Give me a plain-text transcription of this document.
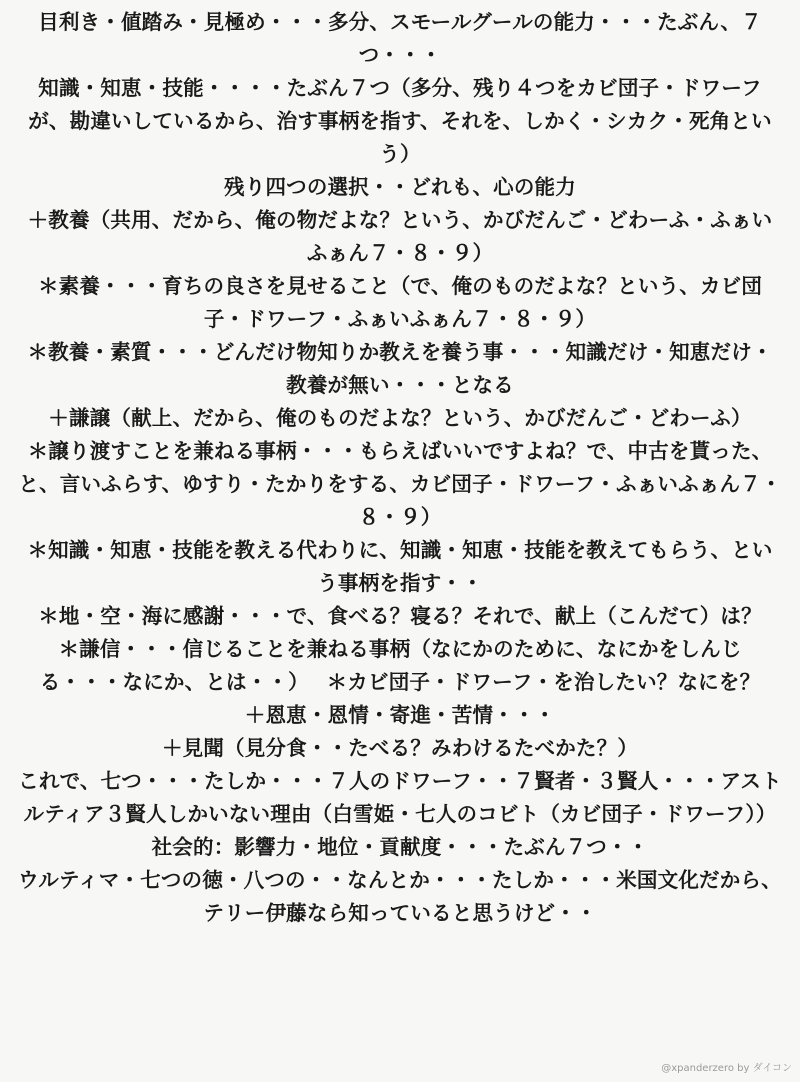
目利き・値踏み・見極め・・・多分、スモールグールの能力・・・たぶん、７つ・・・

知識・知恵・技能・・・・たぶん７つ（多分、残り４つをカビ団子・ドワーフが、勘違いしているから、治す事柄を指す、それを、しかく・シカク・死角という）

残り四つの選択・・どれも、心の能力

＋教養（共用、だから、俺の物だよな？という、かびだんご・どわーふ・ふぁいふぁん７・８・９）

＊素養・・・育ちの良さを見せること（で、俺のものだよな？という、カビ団子・ドワーフ・ふぁいふぁん７・８・９）

＊教養・素質・・・どんだけ物知りか教えを養う事・・・知識だけ・知恵だけ・教養が無い・・・となる

＋謙譲（献上、だから、俺のものだよな？という、かびだんご・どわーふ）

＊譲り渡すことを兼ねる事柄・・・もらえばいいですよね？で、中古を貰った、と、言いふらす、ゆすり・たかりをする、カビ団子・ドワーフ・ふぁいふぁん７・８・９）

＊知識・知恵・技能を教える代わりに、知識・知恵・技能を教えてもらう、という事柄を指す・・

＊地・空・海に感謝・・・で、食べる？寝る？それで、献上（こんだて）は？

＊謙信・・・信じることを兼ねる事柄（なにかのために、なにかをしんじる・・・なにか、とは・・）　 ＊カビ団子・ドワーフ・を治したい？なにを？

＋恩恵・恩情・寄進・苦情・・・

＋見聞（見分食・・たべる？みわけるたべかた？）

これで、七つ・・・たしか・・・７人のドワーフ・・７賢者・３賢人・・・アストルティア３賢人しかいない理由（白雪姫・七人のコビト（カビ団子・ドワーフ））

社会的：影響力・地位・貢献度・・・たぶん７つ・・

ウルティマ・七つの徳・八つの・・なんとか・・・たしか・・・米国文化だから、テリー伊藤なら知っていると思うけど・・

@xpanderzero by ダイコン
